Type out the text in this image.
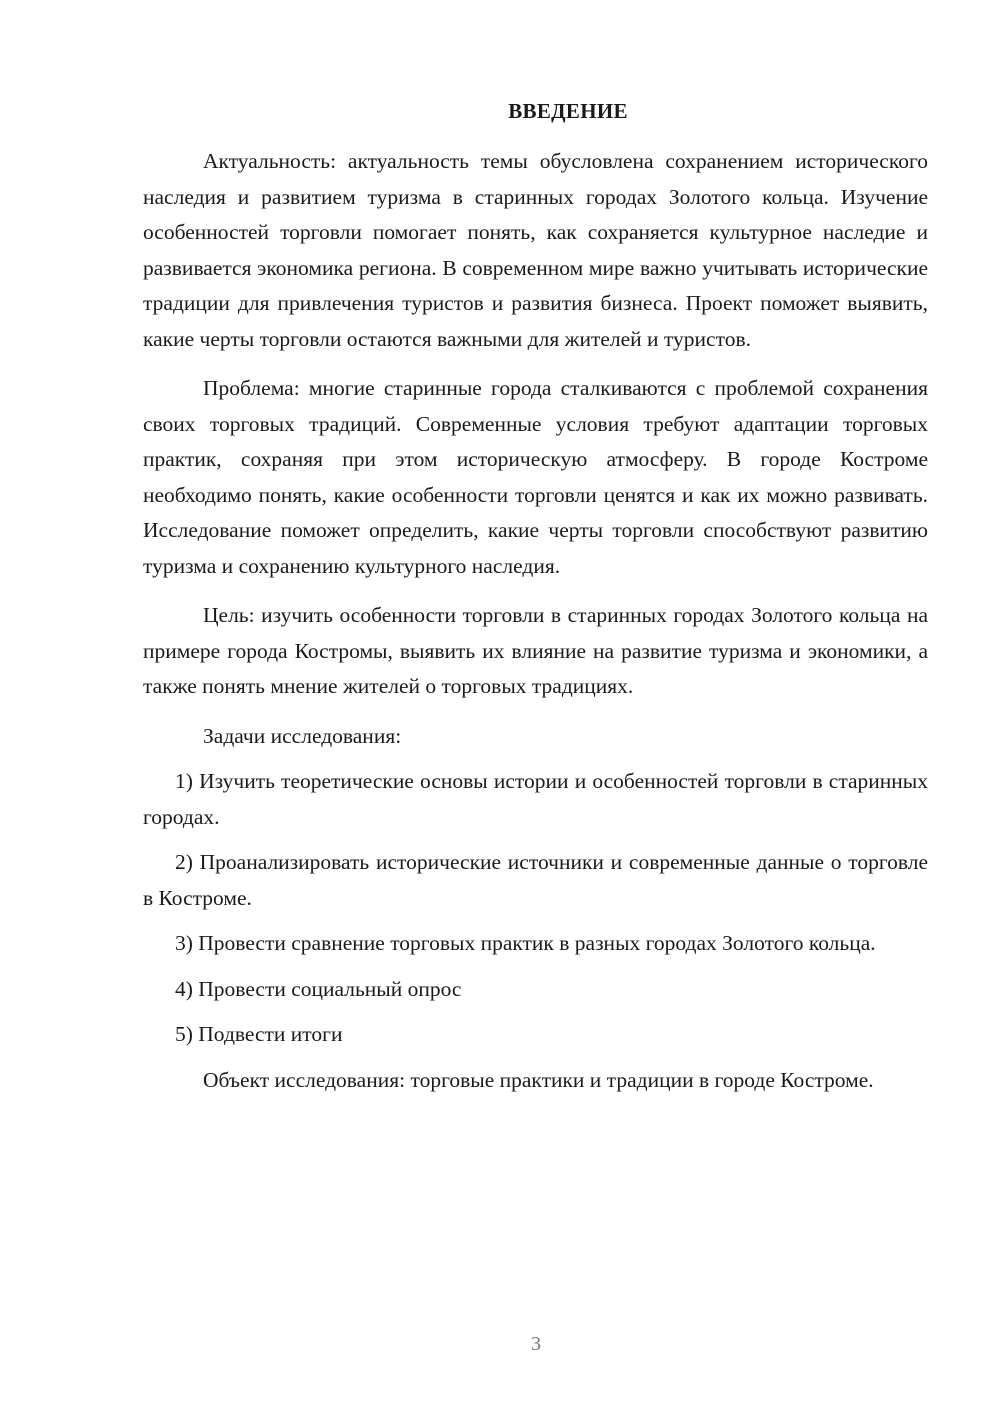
ВВЕДЕНИЕ

Актуальность: актуальность темы обусловлена сохранением исторического наследия и развитием туризма в старинных городах Золотого кольца. Изучение особенностей торговли помогает понять, как сохраняется культурное наследие и развивается экономика региона. В современном мире важно учитывать исторические традиции для привлечения туристов и развития бизнеса. Проект поможет выявить, какие черты торговли остаются важными для жителей и туристов.

Проблема: многие старинные города сталкиваются с проблемой сохранения своих торговых традиций. Современные условия требуют адаптации торговых практик, сохраняя при этом историческую атмосферу. В городе Костроме необходимо понять, какие особенности торговли ценятся и как их можно развивать. Исследование поможет определить, какие черты торговли способствуют развитию туризма и сохранению культурного наследия.

Цель: изучить особенности торговли в старинных городах Золотого кольца на примере города Костромы, выявить их влияние на развитие туризма и экономики, а также понять мнение жителей о торговых традициях.

Задачи исследования:

1) Изучить теоретические основы истории и особенностей торговли в старинных городах.

2) Проанализировать исторические источники и современные данные о торговле в Костроме.

3) Провести сравнение торговых практик в разных городах Золотого кольца.

4) Провести социальный опрос

5) Подвести итоги

Объект исследования: торговые практики и традиции в городе Костроме.

3
